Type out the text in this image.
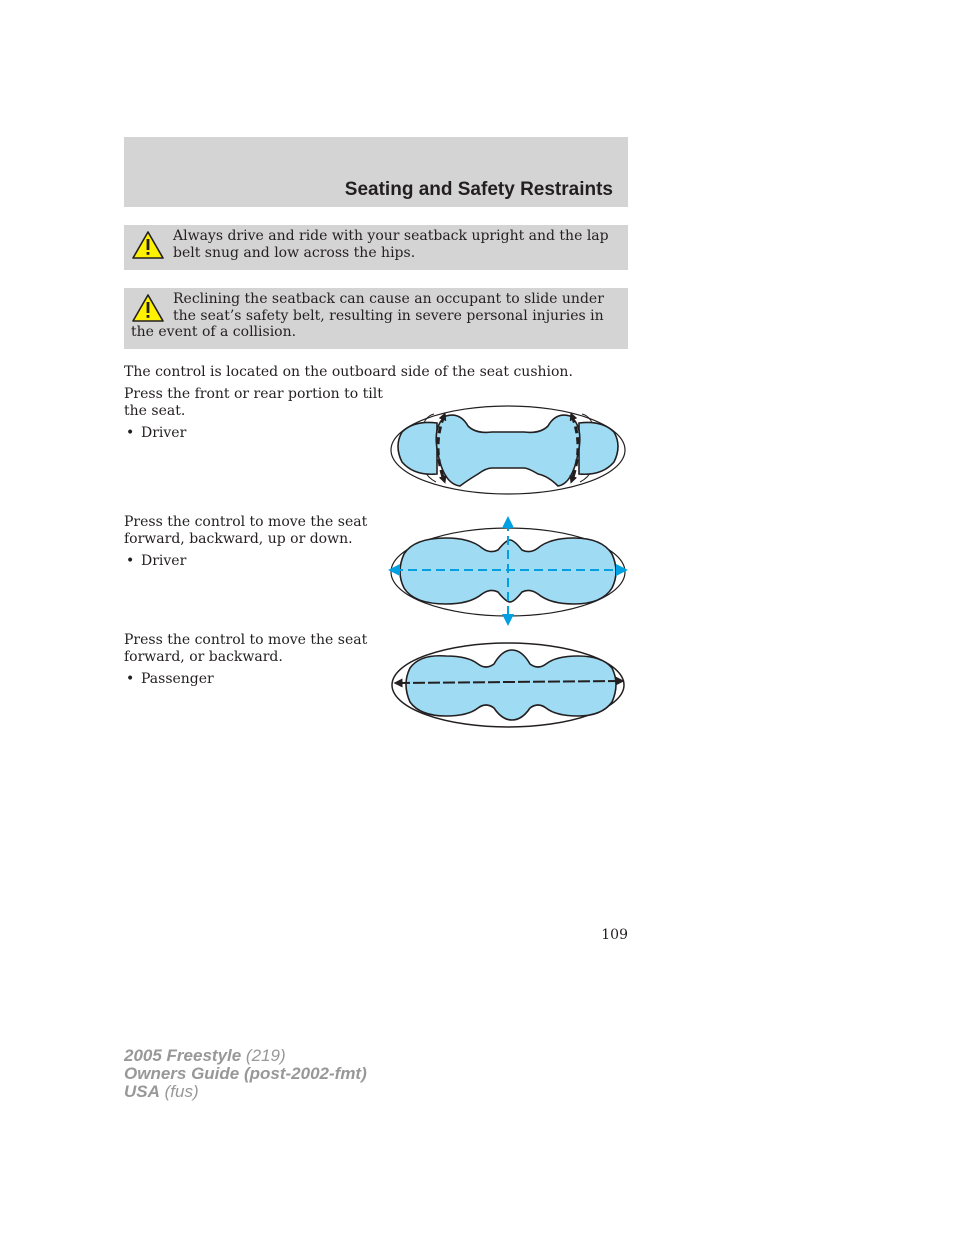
Seating and Safety Restraints
Always drive and ride with your seatback upright and the lap belt snug and low across the hips.
Reclining the seatback can cause an occupant to slide under the seat’s safety belt, resulting in severe personal injuries in the event of a collision.
The control is located on the outboard side of the seat cushion.
Press the front or rear portion to tilt
the seat.
• Driver
Press the control to move the seat
forward, backward, up or down.
• Driver
Press the control to move the seat
forward, or backward.
• Passenger
109
2005 Freestyle (219)
Owners Guide (post-2002-fmt)
USA (fus)
